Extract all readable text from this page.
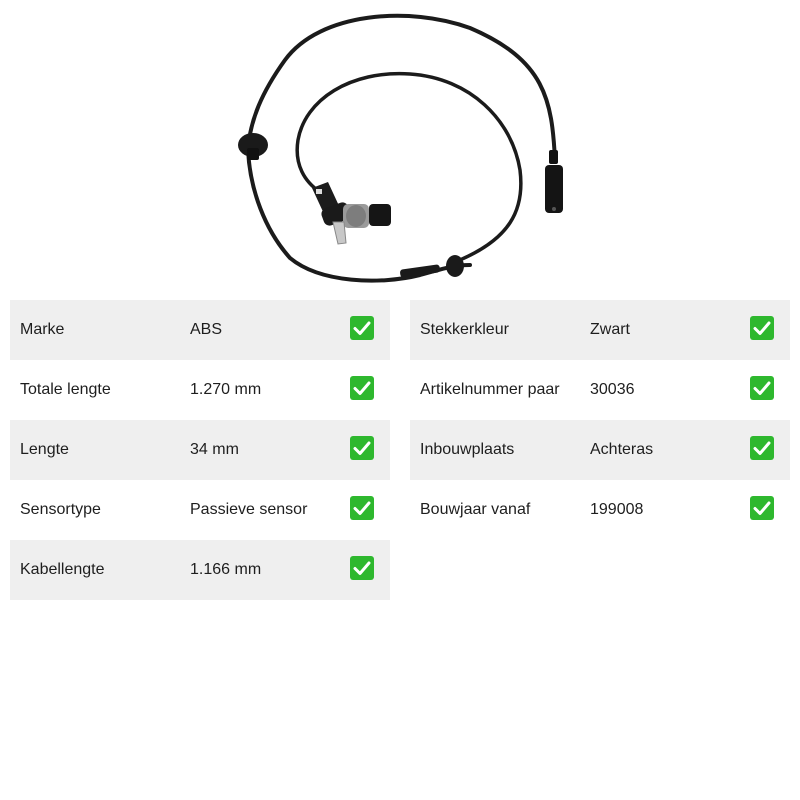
Marke	ABS
Totale lengte	1.270 mm
Lengte	34 mm
Sensortype	Passieve sensor
Kabellengte	1.166 mm
Stekkerkleur	Zwart
Artikelnummer paar 30036
Inbouwplaats	Achteras
Bouwjaar vanaf	199008
